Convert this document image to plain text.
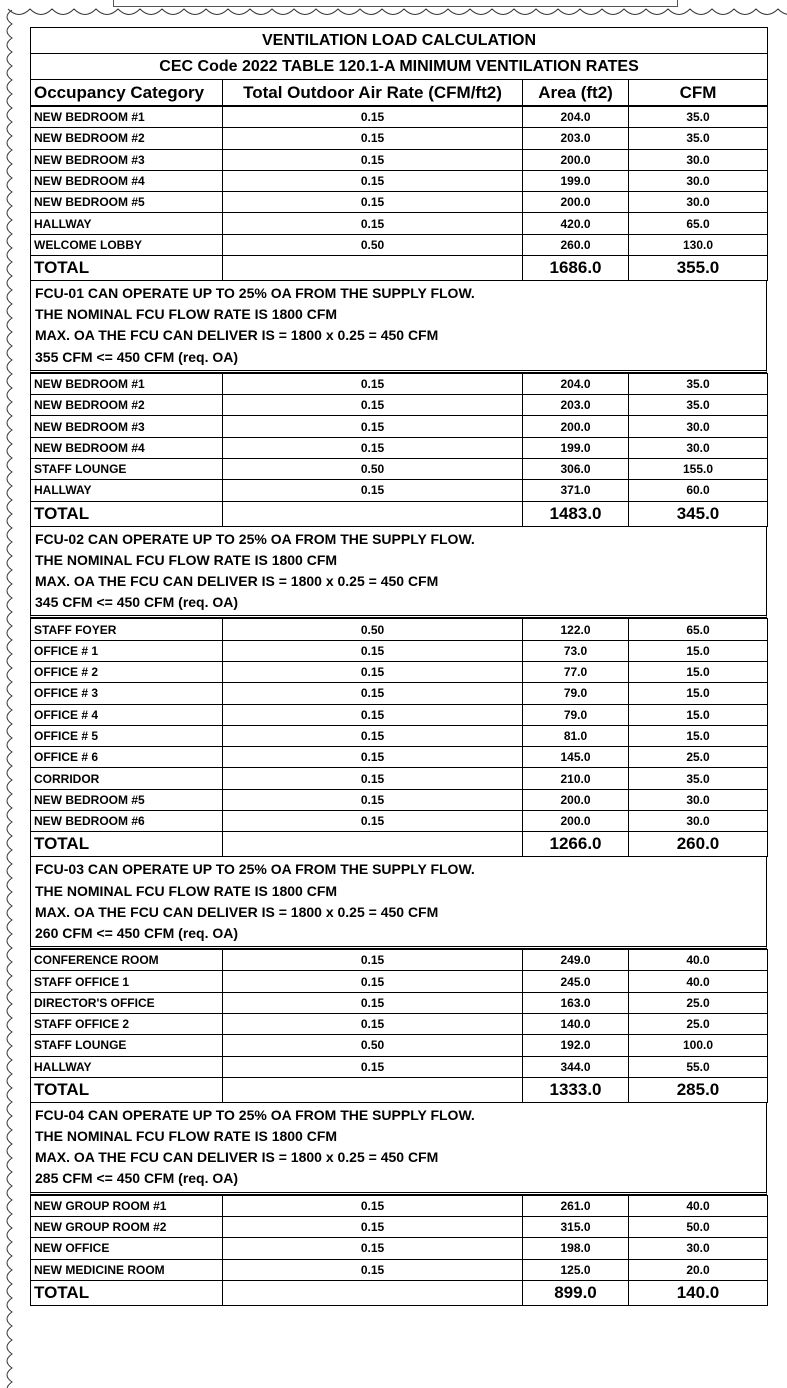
VENTILATION LOAD CALCULATION
CEC Code 2022 TABLE 120.1-A MINIMUM VENTILATION RATES
Occupancy Category	Total Outdoor Air Rate (CFM/ft2)	Area (ft2)	CFM
NEW BEDROOM #1	0.15	204.0	35.0
NEW BEDROOM #2	0.15	203.0	35.0
NEW BEDROOM #3	0.15	200.0	30.0
NEW BEDROOM #4	0.15	199.0	30.0
NEW BEDROOM #5	0.15	200.0	30.0
HALLWAY	0.15	420.0	65.0
WELCOME LOBBY	0.50	260.0	130.0
TOTAL		1686.0	355.0
FCU-01 CAN OPERATE UP TO 25% OA FROM THE SUPPLY FLOW.
THE NOMINAL FCU FLOW RATE IS 1800 CFM
MAX. OA THE FCU CAN DELIVER IS = 1800 x 0.25 = 450 CFM
355 CFM <= 450 CFM (req. OA)
NEW BEDROOM #1	0.15	204.0	35.0
NEW BEDROOM #2	0.15	203.0	35.0
NEW BEDROOM #3	0.15	200.0	30.0
NEW BEDROOM #4	0.15	199.0	30.0
STAFF LOUNGE	0.50	306.0	155.0
HALLWAY	0.15	371.0	60.0
TOTAL		1483.0	345.0
FCU-02 CAN OPERATE UP TO 25% OA FROM THE SUPPLY FLOW.
THE NOMINAL FCU FLOW RATE IS 1800 CFM
MAX. OA THE FCU CAN DELIVER IS = 1800 x 0.25 = 450 CFM
345 CFM <= 450 CFM (req. OA)
STAFF FOYER	0.50	122.0	65.0
OFFICE # 1	0.15	73.0	15.0
OFFICE # 2	0.15	77.0	15.0
OFFICE # 3	0.15	79.0	15.0
OFFICE # 4	0.15	79.0	15.0
OFFICE # 5	0.15	81.0	15.0
OFFICE # 6	0.15	145.0	25.0
CORRIDOR	0.15	210.0	35.0
NEW BEDROOM #5	0.15	200.0	30.0
NEW BEDROOM #6	0.15	200.0	30.0
TOTAL		1266.0	260.0
FCU-03 CAN OPERATE UP TO 25% OA FROM THE SUPPLY FLOW.
THE NOMINAL FCU FLOW RATE IS 1800 CFM
MAX. OA THE FCU CAN DELIVER IS = 1800 x 0.25 = 450 CFM
260 CFM <= 450 CFM (req. OA)
CONFERENCE ROOM	0.15	249.0	40.0
STAFF OFFICE 1	0.15	245.0	40.0
DIRECTOR'S OFFICE	0.15	163.0	25.0
STAFF OFFICE 2	0.15	140.0	25.0
STAFF LOUNGE	0.50	192.0	100.0
HALLWAY	0.15	344.0	55.0
TOTAL		1333.0	285.0
FCU-04 CAN OPERATE UP TO 25% OA FROM THE SUPPLY FLOW.
THE NOMINAL FCU FLOW RATE IS 1800 CFM
MAX. OA THE FCU CAN DELIVER IS = 1800 x 0.25 = 450 CFM
285 CFM <= 450 CFM (req. OA)
NEW GROUP ROOM #1	0.15	261.0	40.0
NEW GROUP ROOM #2	0.15	315.0	50.0
NEW OFFICE	0.15	198.0	30.0
NEW MEDICINE ROOM	0.15	125.0	20.0
TOTAL		899.0	140.0
